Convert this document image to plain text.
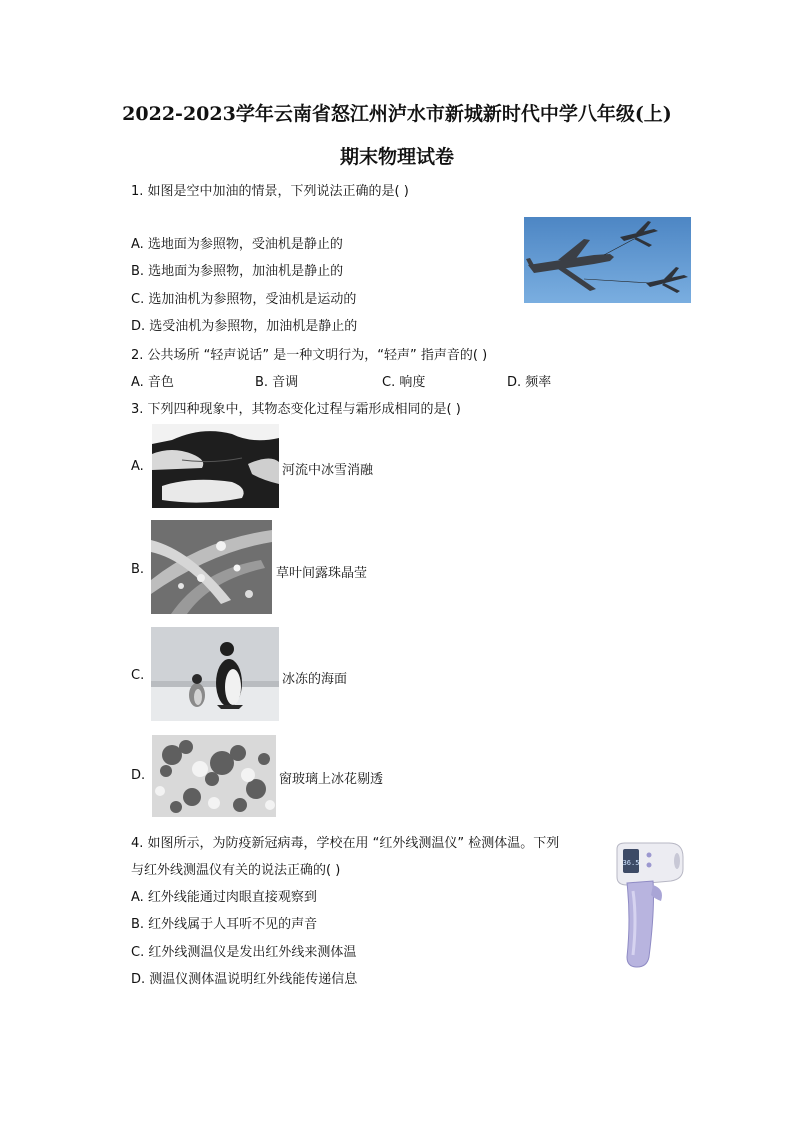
2022-2023学年云南省怒江州泸水市新城新时代中学八年级(上)
期末物理试卷
1. 如图是空中加油的情景，下列说法正确的是( )
A. 选地面为参照物，受油机是静止的
B. 选地面为参照物，加油机是静止的
C. 选加油机为参照物，受油机是运动的
D. 选受油机为参照物，加油机是静止的
2. 公共场所 “轻声说话” 是一种文明行为，“轻声” 指声音的( )
A. 音色	B. 音调	C. 响度	D. 频率
3. 下列四种现象中，其物态变化过程与霜形成相同的是( )
A.	河流中冰雪消融
B.	草叶间露珠晶莹
C.	冰冻的海面
D.	窗玻璃上冰花剔透
4. 如图所示，为防疫新冠病毒，学校在用 “红外线测温仪” 检测体温。下列
与红外线测温仪有关的说法正确的( )
A. 红外线能通过肉眼直接观察到
B. 红外线属于人耳听不见的声音
C. 红外线测温仪是发出红外线来测体温
D. 测温仪测体温说明红外线能传递信息
36.5
